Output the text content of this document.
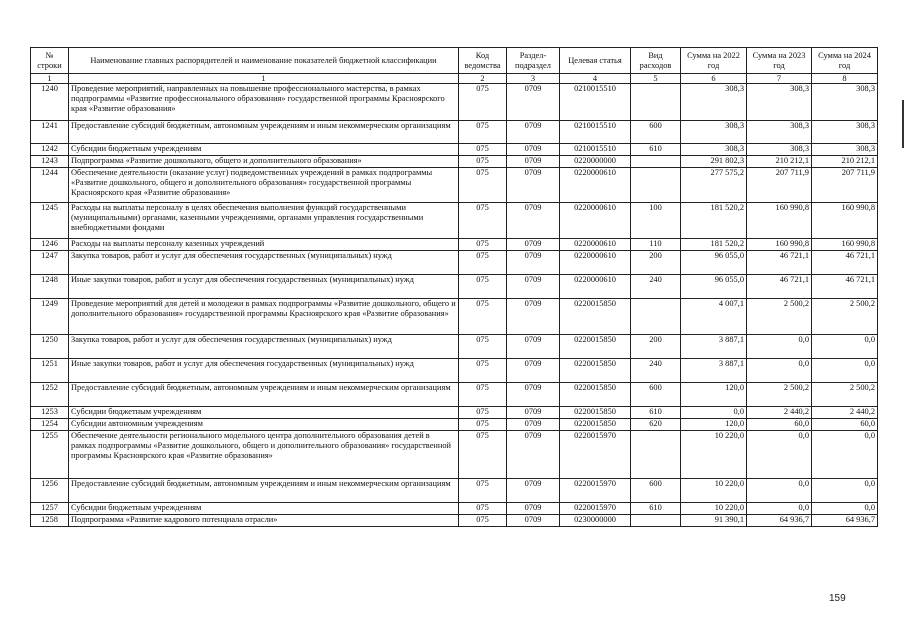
№ строки	Наименование главных распорядителей и наименование показателей бюджетной классификации	Код ведомства	Раздел-подраздел	Целевая статья	Вид расходов	Сумма на 2022 год	Сумма на 2023 год	Сумма на 2024 год
1	1	2	3	4	5	6	7	8
1240	Проведение мероприятий, направленных на повышение профессионального мастерства, в рамках подпрограммы «Развитие профессионального образования» государственной программы Красноярского края «Развитие образования»	075	0709	0210015510		308,3	308,3	308,3
1241	Предоставление субсидий бюджетным, автономным учреждениям и иным некоммерческим организациям	075	0709	0210015510	600	308,3	308,3	308,3
1242	Субсидии бюджетным учреждениям	075	0709	0210015510	610	308,3	308,3	308,3
1243	Подпрограмма «Развитие дошкольного, общего и дополнительного образования»	075	0709	0220000000		291 802,3	210 212,1	210 212,1
1244	Обеспечение деятельности (оказание услуг) подведомственных учреждений в рамках подпрограммы «Развитие дошкольного, общего и дополнительного образования» государственной программы Красноярского края «Развитие образования»	075	0709	0220000610		277 575,2	207 711,9	207 711,9
1245	Расходы на выплаты персоналу в целях обеспечения выполнения функций государственными (муниципальными) органами, казенными учреждениями, органами управления государственными внебюджетными фондами	075	0709	0220000610	100	181 520,2	160 990,8	160 990,8
1246	Расходы на выплаты персоналу казенных учреждений	075	0709	0220000610	110	181 520,2	160 990,8	160 990,8
1247	Закупка товаров, работ и услуг для обеспечения государственных (муниципальных) нужд	075	0709	0220000610	200	96 055,0	46 721,1	46 721,1
1248	Иные закупки товаров, работ и услуг для обеспечения государственных (муниципальных) нужд	075	0709	0220000610	240	96 055,0	46 721,1	46 721,1
1249	Проведение мероприятий для детей и молодежи в рамках подпрограммы «Развитие дошкольного, общего и дополнительного образования» государственной программы Красноярского края «Развитие образования»	075	0709	0220015850		4 007,1	2 500,2	2 500,2
1250	Закупка товаров, работ и услуг для обеспечения государственных (муниципальных) нужд	075	0709	0220015850	200	3 887,1	0,0	0,0
1251	Иные закупки товаров, работ и услуг для обеспечения государственных (муниципальных) нужд	075	0709	0220015850	240	3 887,1	0,0	0,0
1252	Предоставление субсидий бюджетным, автономным учреждениям и иным некоммерческим организациям	075	0709	0220015850	600	120,0	2 500,2	2 500,2
1253	Субсидии бюджетным учреждениям	075	0709	0220015850	610	0,0	2 440,2	2 440,2
1254	Субсидии автономным учреждениям	075	0709	0220015850	620	120,0	60,0	60,0
1255	Обеспечение деятельности регионального модельного центра дополнительного образования детей в рамках подпрограммы «Развитие дошкольного, общего и дополнительного образования» государственной программы Красноярского края «Развитие образования»	075	0709	0220015970		10 220,0	0,0	0,0
1256	Предоставление субсидий бюджетным, автономным учреждениям и иным некоммерческим организациям	075	0709	0220015970	600	10 220,0	0,0	0,0
1257	Субсидии бюджетным учреждениям	075	0709	0220015970	610	10 220,0	0,0	0,0
1258	Подпрограмма «Развитие кадрового потенциала отрасли»	075	0709	0230000000		91 390,1	64 936,7	64 936,7
159
